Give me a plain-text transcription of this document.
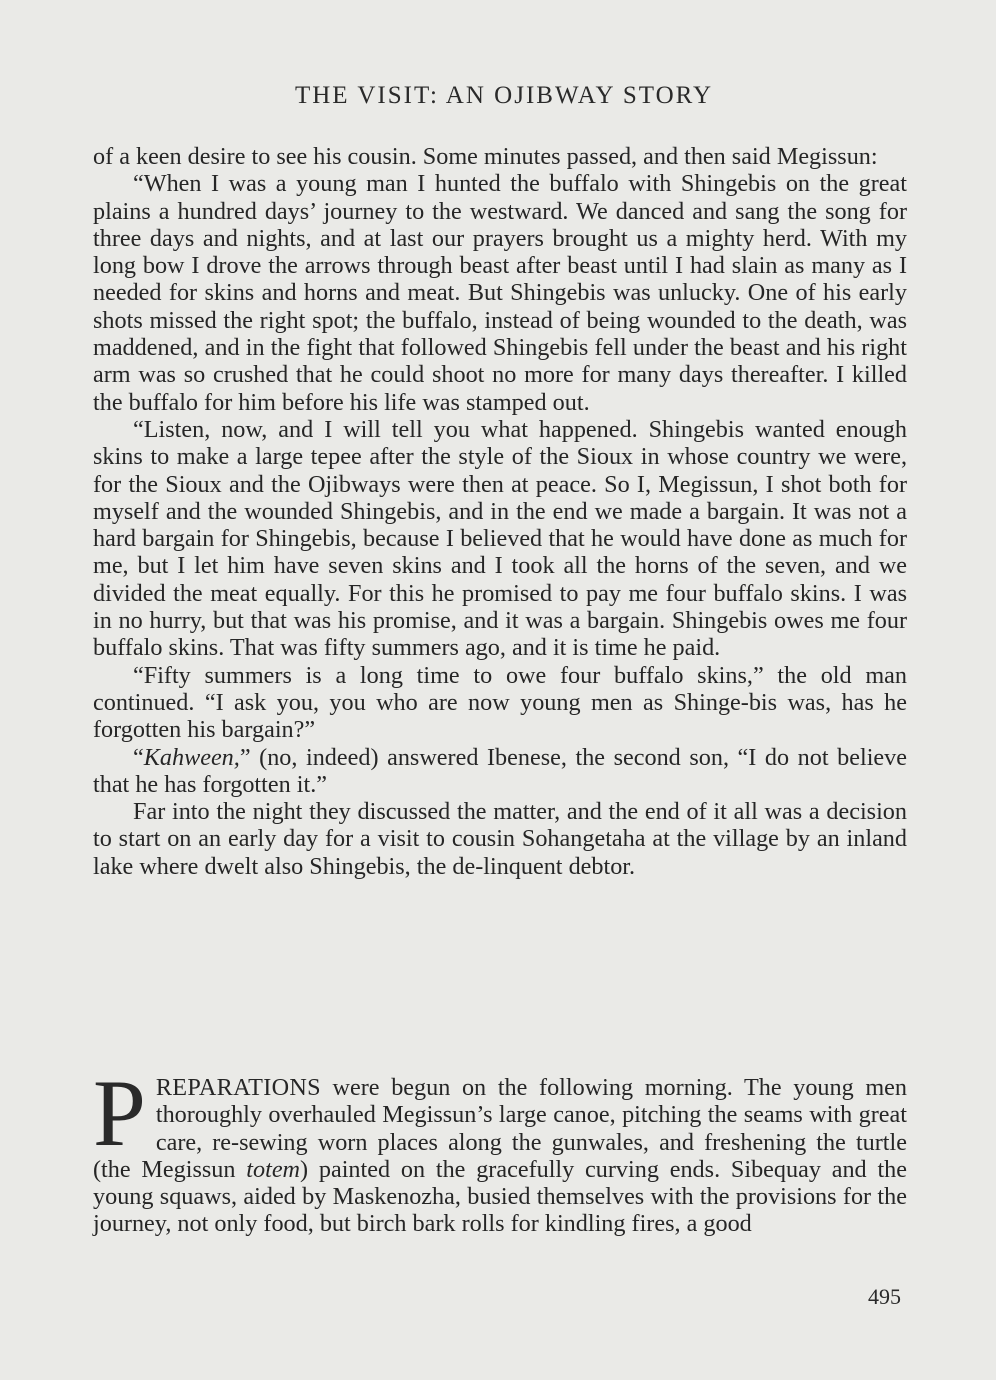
THE VISIT: AN OJIBWAY STORY

of a keen desire to see his cousin. Some minutes passed, and then said Megissun:

“When I was a young man I hunted the buffalo with Shingebis on the great plains a hundred days’ journey to the westward. We danced and sang the song for three days and nights, and at last our prayers brought us a mighty herd. With my long bow I drove the arrows through beast after beast until I had slain as many as I needed for skins and horns and meat. But Shingebis was unlucky. One of his early shots missed the right spot; the buffalo, instead of being wounded to the death, was maddened, and in the fight that followed Shingebis fell under the beast and his right arm was so crushed that he could shoot no more for many days thereafter. I killed the buffalo for him before his life was stamped out.

“Listen, now, and I will tell you what happened. Shingebis wanted enough skins to make a large tepee after the style of the Sioux in whose country we were, for the Sioux and the Ojibways were then at peace. So I, Megissun, I shot both for myself and the wounded Shingebis, and in the end we made a bargain. It was not a hard bargain for Shingebis, because I believed that he would have done as much for me, but I let him have seven skins and I took all the horns of the seven, and we divided the meat equally. For this he promised to pay me four buffalo skins. I was in no hurry, but that was his promise, and it was a bargain. Shingebis owes me four buffalo skins. That was fifty summers ago, and it is time he paid.

“Fifty summers is a long time to owe four buffalo skins,” the old man continued. “I ask you, you who are now young men as Shinge-bis was, has he forgotten his bargain?”

“Kahween,” (no, indeed) answered Ibenese, the second son, “I do not believe that he has forgotten it.”

Far into the night they discussed the matter, and the end of it all was a decision to start on an early day for a visit to cousin Sohangetaha at the village by an inland lake where dwelt also Shingebis, the de-linquent debtor.

PREPARATIONS were begun on the following morning. The young men thoroughly overhauled Megissun’s large canoe, pitching the seams with great care, re-sewing worn places along the gunwales, and freshening the turtle (the Megissun totem) painted on the gracefully curving ends. Sibequay and the young squaws, aided by Maskenozha, busied themselves with the provisions for the journey, not only food, but birch bark rolls for kindling fires, a good

495
